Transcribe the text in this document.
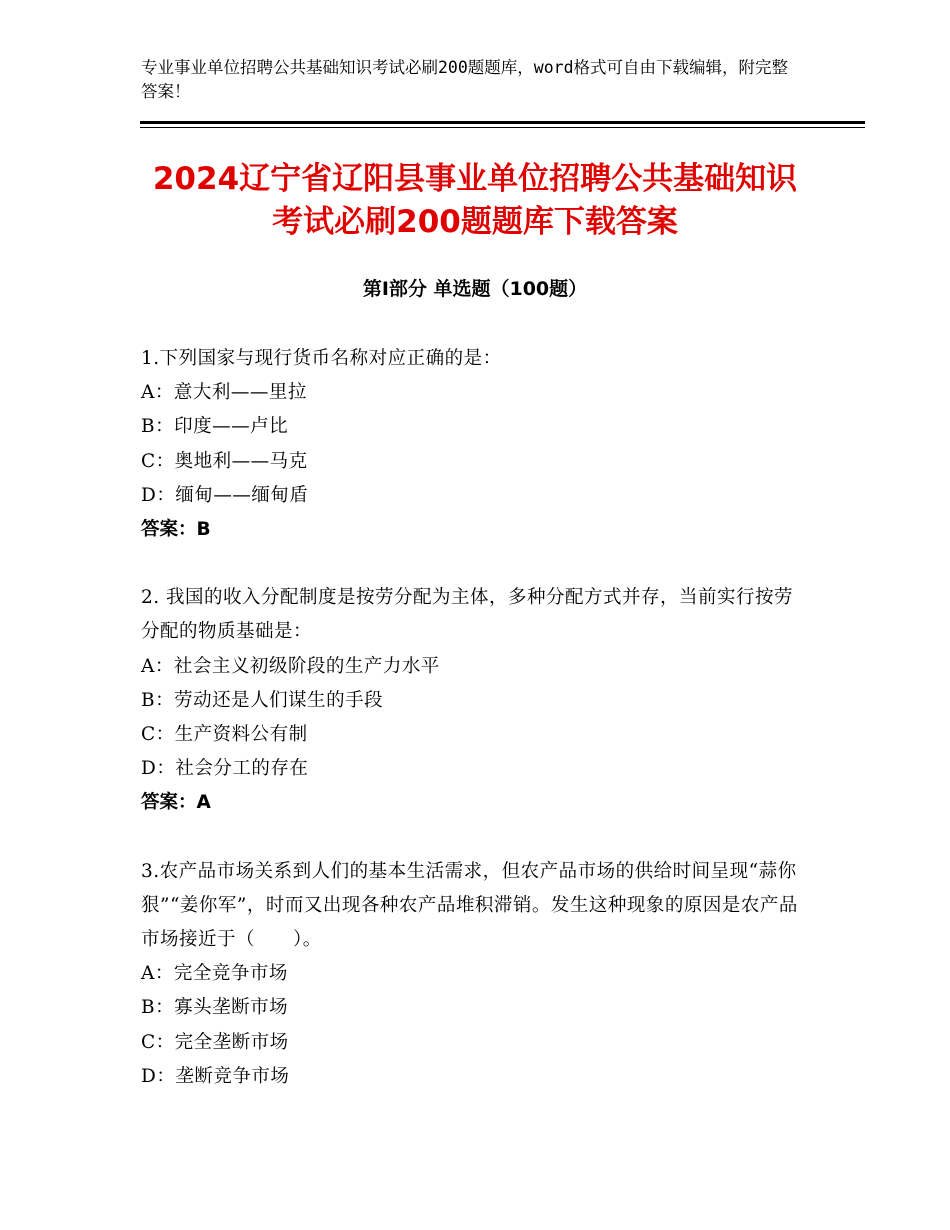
专业事业单位招聘公共基础知识考试必刷200题题库，word格式可自由下载编辑，附完整答案！
2024辽宁省辽阳县事业单位招聘公共基础知识考试必刷200题题库下载答案
第Ⅰ部分 单选题（100题）
1.下列国家与现行货币名称对应正确的是：
A：意大利——里拉
B：印度——卢比
C：奥地利——马克
D：缅甸——缅甸盾
答案：B
2. 我国的收入分配制度是按劳分配为主体，多种分配方式并存，当前实行按劳分配的物质基础是：
A：社会主义初级阶段的生产力水平
B：劳动还是人们谋生的手段
C：生产资料公有制
D：社会分工的存在
答案：A
3.农产品市场关系到人们的基本生活需求，但农产品市场的供给时间呈现“蒜你狠”“姜你军”，时而又出现各种农产品堆积滞销。发生这种现象的原因是农产品市场接近于（　　）。
A：完全竞争市场
B：寡头垄断市场
C：完全垄断市场
D：垄断竞争市场
